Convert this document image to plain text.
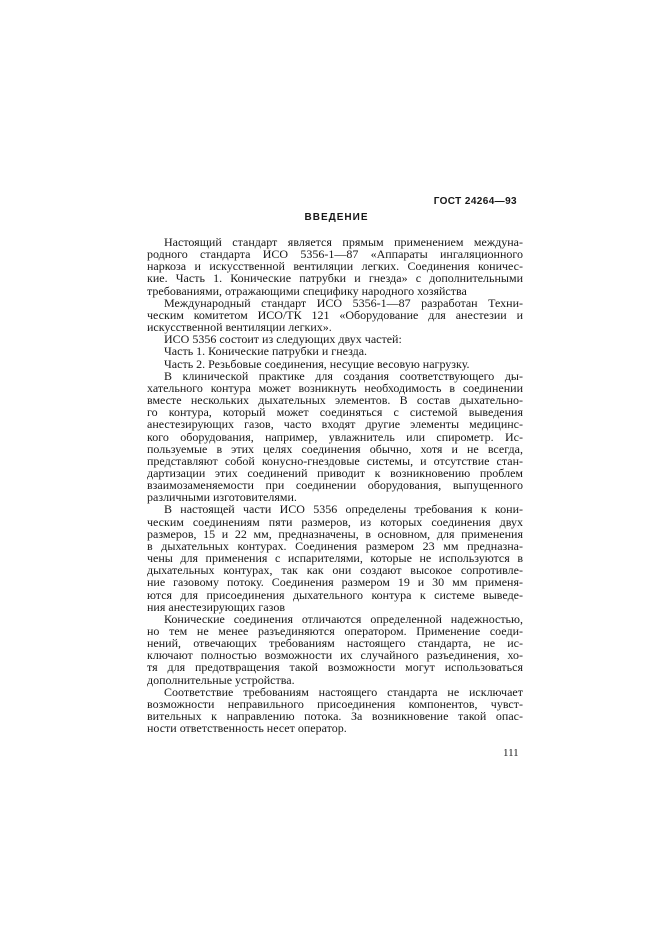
ГОСТ 24264—93
ВВЕДЕНИЕ
Настоящий стандарт является прямым применением междуна-
родного стандарта ИСО 5356-1—87 «Аппараты ингаляционного
наркоза и искусственной вентиляции легких. Соединения коничес-
кие. Часть 1. Конические патрубки и гнезда» с дополнительными
требованиями, отражающими специфику народного хозяйства
Международный стандарт ИСО 5356-1—87 разработан Техни-
ческим комитетом ИСО/ТК 121 «Оборудование для анестезии и
искусственной вентиляции легких».
ИСО 5356 состоит из следующих двух частей:
Часть 1. Конические патрубки и гнезда.
Часть 2. Резьбовые соединения, несущие весовую нагрузку.
В клинической практике для создания соответствующего ды-
хательного контура может возникнуть необходимость в соединении
вместе нескольких дыхательных элементов. В состав дыхательно-
го контура, который может соединяться с системой выведения
анестезирующих газов, часто входят другие элементы медицинс-
кого оборудования, например, увлажнитель или спирометр. Ис-
пользуемые в этих целях соединения обычно, хотя и не всегда,
представляют собой конусно-гнездовые системы, и отсутствие стан-
дартизации этих соединений приводит к возникновению проблем
взаимозаменяемости при соединении оборудования, выпущенного
различными изготовителями.
В настоящей части ИСО 5356 определены требования к кони-
ческим соединениям пяти размеров, из которых соединения двух
размеров, 15 и 22 мм, предназначены, в основном, для применения
в дыхательных контурах. Соединения размером 23 мм предназна-
чены для применения с испарителями, которые не используются в
дыхательных контурах, так как они создают высокое сопротивле-
ние газовому потоку. Соединения размером 19 и 30 мм применя-
ются для присоединения дыхательного контура к системе выведе-
ния анестезирующих газов
Конические соединения отличаются определенной надежностью,
но тем не менее разъединяются оператором. Применение соеди-
нений, отвечающих требованиям настоящего стандарта, не ис-
ключают полностью возможности их случайного разъединения, хо-
тя для предотвращения такой возможности могут использоваться
дополнительные устройства.
Соответствие требованиям настоящего стандарта не исключает
возможности неправильного присоединения компонентов, чувст-
вительных к направлению потока. За возникновение такой опас-
ности ответственность несет оператор.
111
